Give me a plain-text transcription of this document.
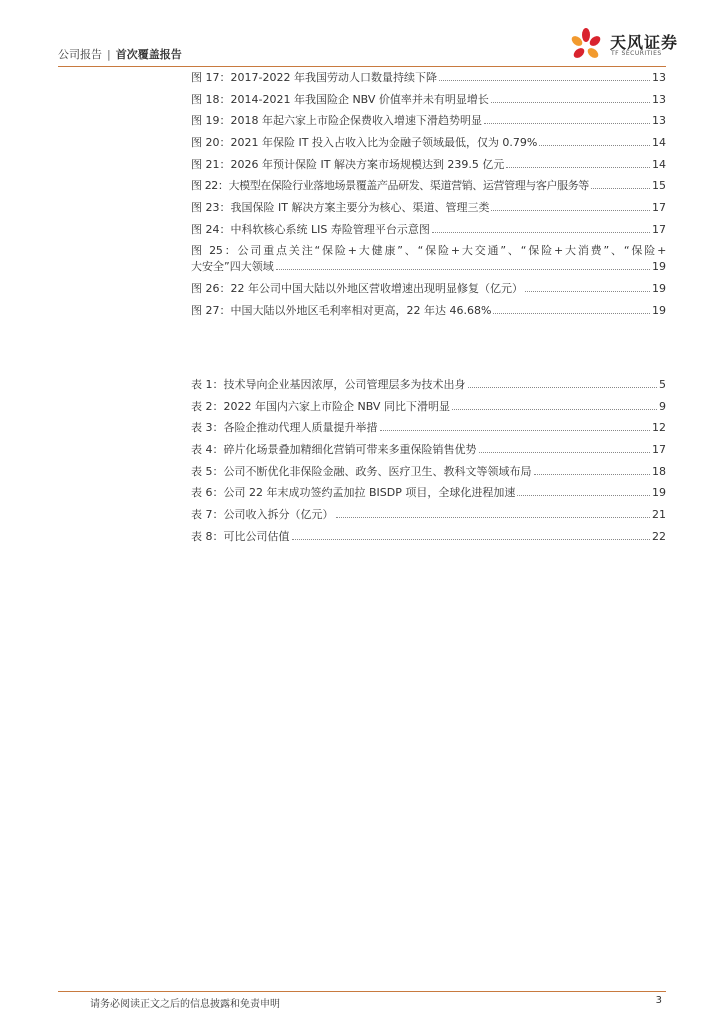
公司报告 | 首次覆盖报告
天风证券
TF SECURITIES
图 17：2017-2022 年我国劳动人口数量持续下降	13
图 18：2014-2021 年我国险企 NBV 价值率并未有明显增长	13
图 19：2018 年起六家上市险企保费收入增速下滑趋势明显	13
图 20：2021 年保险 IT 投入占收入比为金融子领域最低，仅为 0.79%	14
图 21：2026 年预计保险 IT 解决方案市场规模达到 239.5 亿元	14
图 22：大模型在保险行业落地场景覆盖产品研发、渠道营销、运营管理与客户服务等	15
图 23：我国保险 IT 解决方案主要分为核心、渠道、管理三类	17
图 24：中科软核心系统 LIS 寿险管理平台示意图	17
图 25：公司重点关注“保险+大健康”、“保险+大交通”、“保险+大消费”、“保险+
大安全”四大领域	19
图 26：22 年公司中国大陆以外地区营收增速出现明显修复（亿元）	19
图 27：中国大陆以外地区毛利率相对更高，22 年达 46.68%	19
表 1：技术导向企业基因浓厚，公司管理层多为技术出身	5
表 2：2022 年国内六家上市险企 NBV 同比下滑明显	9
表 3：各险企推动代理人质量提升举措	12
表 4：碎片化场景叠加精细化营销可带来多重保险销售优势	17
表 5：公司不断优化非保险金融、政务、医疗卫生、教科文等领域布局	18
表 6：公司 22 年末成功签约孟加拉 BISDP 项目，全球化进程加速	19
表 7：公司收入拆分（亿元）	21
表 8：可比公司估值	22
请务必阅读正文之后的信息披露和免责申明	3
